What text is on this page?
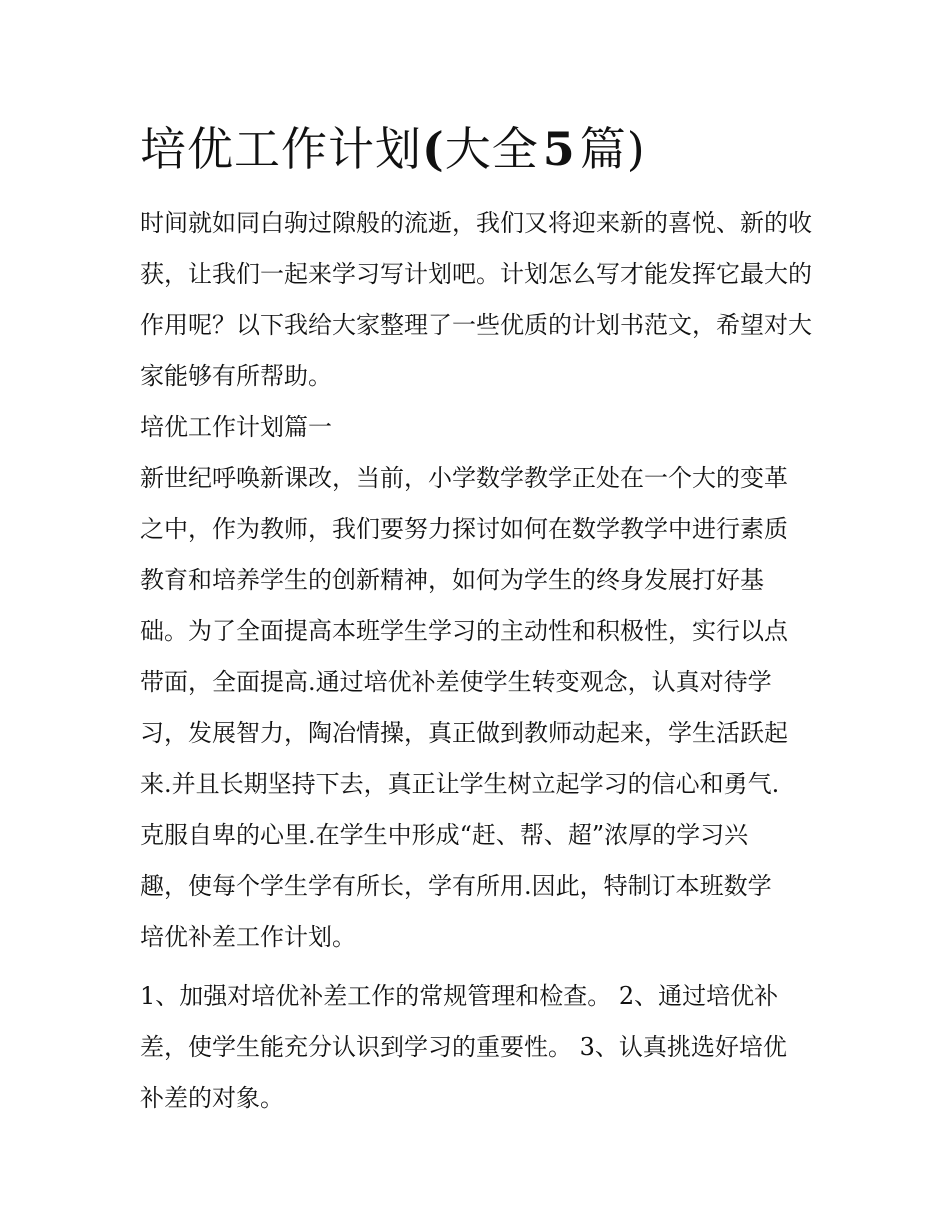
培优工作计划(大全5篇)

时间就如同白驹过隙般的流逝，我们又将迎来新的喜悦、新的收获，让我们一起来学习写计划吧。计划怎么写才能发挥它最大的作用呢？以下我给大家整理了一些优质的计划书范文，希望对大家能够有所帮助。

培优工作计划篇一

新世纪呼唤新课改，当前，小学数学教学正处在一个大的变革
之中，作为教师，我们要努力探讨如何在数学教学中进行素质
教育和培养学生的创新精神，如何为学生的终身发展打好基
础。为了全面提高本班学生学习的主动性和积极性，实行以点
带面，全面提高.通过培优补差使学生转变观念，认真对待学
习，发展智力，陶冶情操，真正做到教师动起来，学生活跃起
来.并且长期坚持下去，真正让学生树立起学习的信心和勇气.
克服自卑的心里.在学生中形成“赶、帮、超”浓厚的学习兴
趣，使每个学生学有所长，学有所用.因此，特制订本班数学
培优补差工作计划。
1、加强对培优补差工作的常规管理和检查。 2、通过培优补
差，使学生能充分认识到学习的重要性。 3、认真挑选好培优
补差的对象。
